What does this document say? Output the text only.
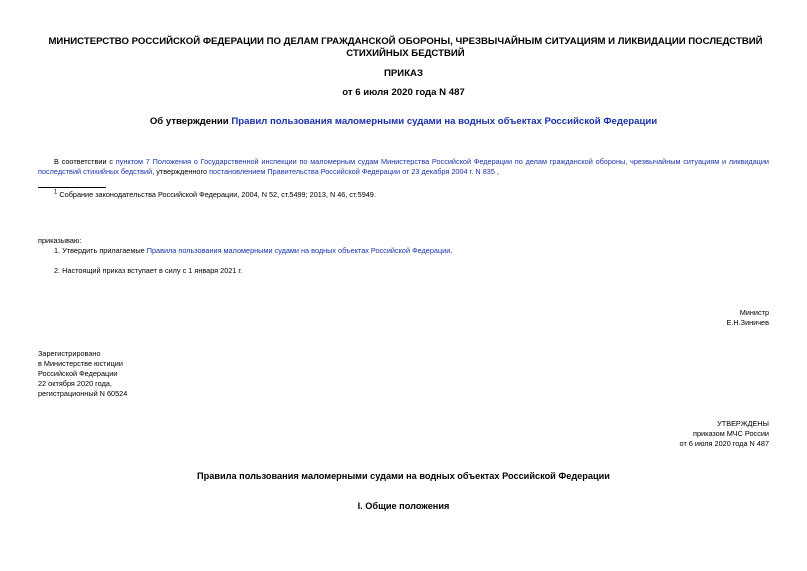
МИНИСТЕРСТВО РОССИЙСКОЙ ФЕДЕРАЦИИ ПО ДЕЛАМ ГРАЖДАНСКОЙ ОБОРОНЫ, ЧРЕЗВЫЧАЙНЫМ СИТУАЦИЯМ И ЛИКВИДАЦИИ ПОСЛЕДСТВИЙ СТИХИЙНЫХ БЕДСТВИЙ
ПРИКАЗ
от 6 июля 2020 года N 487
Об утверждении Правил пользования маломерными судами на водных объектах Российской Федерации
В соответствии с пунктом 7 Положения о Государственной инспекции по маломерным судам Министерства Российской Федерации по делам гражданской обороны, чрезвычайным ситуациям и ликвидации последствий стихийных бедствий, утвержденного постановлением Правительства Российской Федерации от 23 декабря 2004 г. N 835 ,
$^1$ Собрание законодательства Российской Федерации, 2004, N 52, ст.5499; 2013, N 46, ст.5949.
приказываю:
1. Утвердить прилагаемые Правила пользования маломерными судами на водных объектах Российской Федерации.
2. Настоящий приказ вступает в силу с 1 января 2021 г.
Министр
Е.Н.Зиничев
Зарегистрировано
в Министерстве юстиции
Российской Федерации
22 октября 2020 года,
регистрационный N 60524
УТВЕРЖДЕНЫ
приказом МЧС России
от 6 июля 2020 года N 487
Правила пользования маломерными судами на водных объектах Российской Федерации
I. Общие положения
